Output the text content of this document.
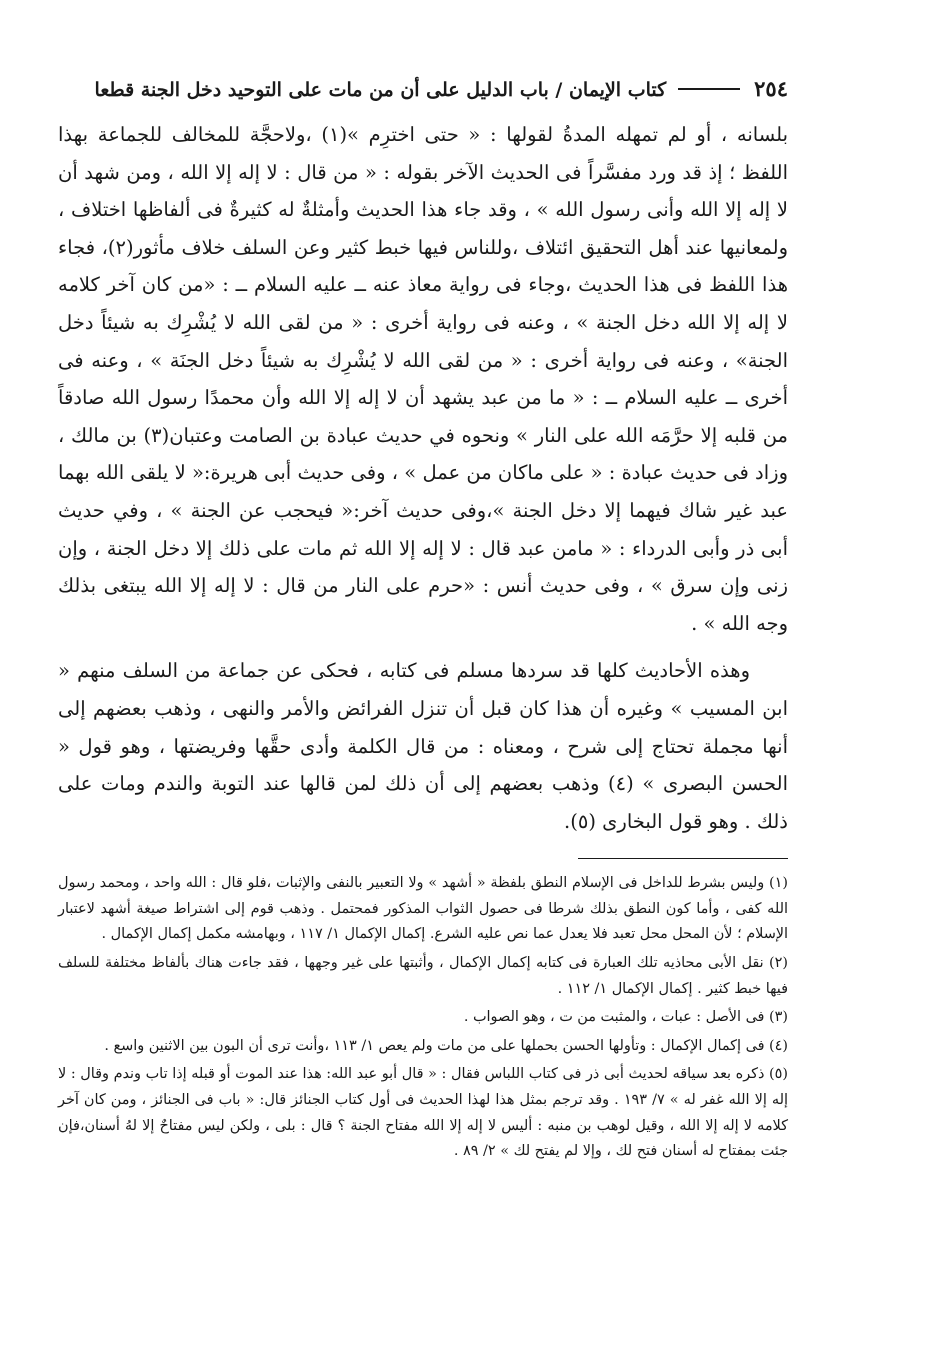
٢٥٤
كتاب الإيمان / باب الدليل على أن من مات على التوحيد دخل الجنة قطعا

بلسانه ، أو لم تمهله المدةُ لقولها : « حتى اخترِم »(١) ،ولاحجَّة للمخالف للجماعة بهذا اللفظ ؛ إذ قد ورد مفسَّراً فى الحديث الآخر بقوله : « من قال : لا إله إلا الله ، ومن شهد أن لا إله إلا الله وأنى رسول الله » ، وقد جاء هذا الحديث وأمثلةٌ له كثيرةٌ فى ألفاظها اختلاف ، ولمعانيها عند أهل التحقيق ائتلاف ،وللناس فيها خبط كثير وعن السلف خلاف مأثور(٢)، فجاء هذا اللفظ فى هذا الحديث ،وجاء فى رواية معاذ عنه ــ عليه السلام ــ : «من كان آخر كلامه لا إله إلا الله دخل الجنة » ، وعنه فى رواية أخرى : « من لقى الله لا يُشْرِك به شيئاً دخل الجنة» ، وعنه فى رواية أخرى : « من لقى الله لا يُشْرِك به شيئاً دخل الجنَة » ، وعنه فى أخرى ــ عليه السلام ــ : « ما من عبد يشهد أن لا إله إلا الله وأن محمدًا رسول الله صادقاً من قلبه إلا حرَّمَه الله على النار » ونحوه في حديث عبادة بن الصامت وعتبان(٣) بن مالك ، وزاد فى حديث عبادة : « على ماكان من عمل » ، وفى حديث أبى هريرة:« لا يلقى الله بهما عبد غير شاك فيهما إلا دخل الجنة »،وفى حديث آخر:« فيحجب عن الجنة » ، وفي حديث أبى ذر وأبى الدرداء : « مامن عبد قال : لا إله إلا الله ثم مات على ذلك إلا دخل الجنة ، وإن زنى وإن سرق » ، وفى حديث أنس : «حرم على النار من قال : لا إله إلا الله يبتغى بذلك وجه الله » .

وهذه الأحاديث كلها قد سردها مسلم فى كتابه ، فحكى عن جماعة من السلف منهم « ابن المسيب » وغيره أن هذا كان قبل أن تنزل الفرائض والأمر والنهى ، وذهب بعضهم إلى أنها مجملة تحتاج إلى شرح ، ومعناه : من قال الكلمة وأدى حقَّها وفريضتها ، وهو قول « الحسن البصرى » (٤) وذهب بعضهم إلى أن ذلك لمن قالها عند التوبة والندم ومات على ذلك . وهو قول البخارى (٥).

(١) وليس بشرط للداخل فى الإسلام النطق بلفظة « أشهد » ولا التعبير بالنفى والإثبات ،فلو قال : الله واحد ، ومحمد رسول الله كفى ، وأما كون النطق بذلك شرطا فى حصول الثواب المذكور فمحتمل . وذهب قوم إلى اشتراط صيغة أشهد لاعتبار الإسلام ؛ لأن المحل محل تعبد فلا يعدل عما نص عليه الشرع. إكمال الإكمال ١/ ١١٧ ، وبهامشه مكمل إكمال الإكمال .

(٢) نقل الأبى محاذيه تلك العبارة فى كتابه إكمال الإكمال ، وأثبتها على غير وجهها ، فقد جاءت هناك بألفاظ مختلفة للسلف فيها خبط كثير . إكمال الإكمال ١/ ١١٢ .

(٣) فى الأصل : عبات ، والمثبت من ت ، وهو الصواب .

(٤) فى إكمال الإكمال : وتأولها الحسن بحملها على من مات ولم يعص ١/ ١١٣ ،وأنت ترى أن البون بين الاثنين واسع .

(٥) ذكره بعد سياقه لحديث أبى ذر فى كتاب اللباس فقال : « قال أبو عبد الله: هذا عند الموت أو قبله إذا تاب وندم وقال : لا إله إلا الله غفر له » ٧/ ١٩٣ . وقد ترجم بمثل هذا لهذا الحديث فى أول كتاب الجنائز قال: « باب فى الجنائز ، ومن كان آخر كلامه لا إله إلا الله ، وقيل لوهب بن منبه : أليس لا إله إلا الله مفتاح الجنة ؟ قال : بلى ، ولكن ليس مفتاحٌ إلا لهُ أسنان،فإن جئت بمفتاح له أسنان فتح لك ، وإلا لم يفتح لك » ٢/ ٨٩ .
